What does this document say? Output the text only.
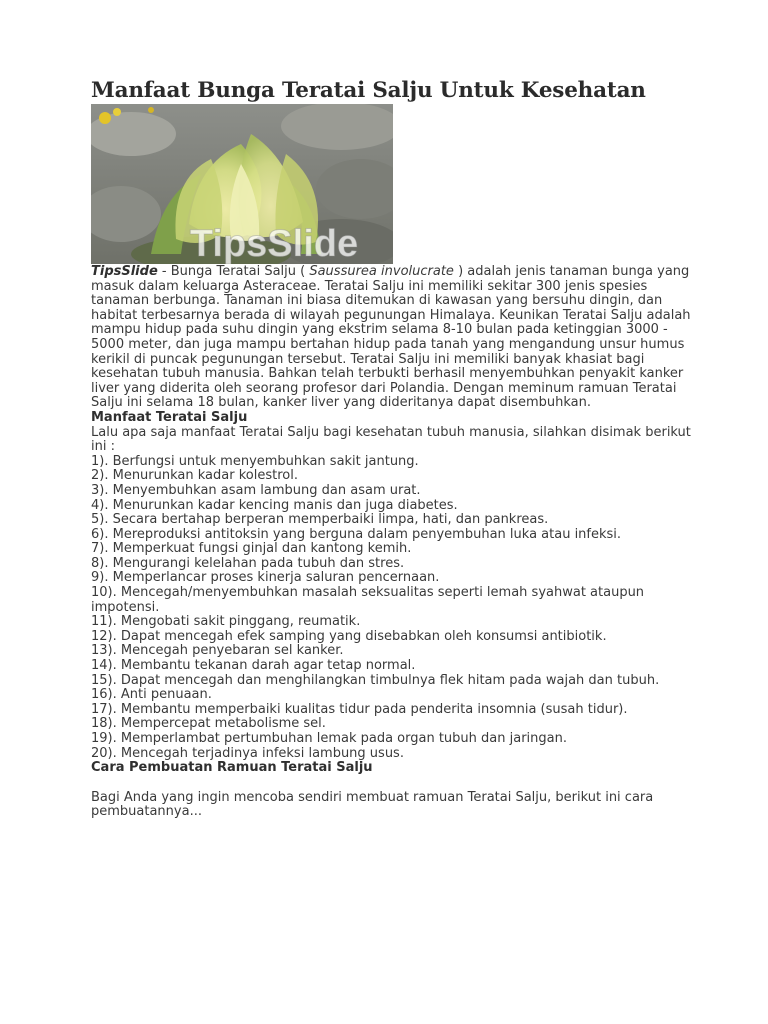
Manfaat Bunga Teratai Salju Untuk Kesehatan
TipsSlide

TipsSlide - Bunga Teratai Salju ( Saussurea involucrate ) adalah jenis tanaman bunga yang masuk dalam keluarga Asteraceae. Teratai Salju ini memiliki sekitar 300 jenis spesies tanaman berbunga. Tanaman ini biasa ditemukan di kawasan yang bersuhu dingin, dan habitat terbesarnya berada di wilayah pegunungan Himalaya. Keunikan Teratai Salju adalah mampu hidup pada suhu dingin yang ekstrim selama 8-10 bulan pada ketinggian 3000 - 5000 meter, dan juga mampu bertahan hidup pada tanah yang mengandung unsur humus kerikil di puncak pegunungan tersebut. Teratai Salju ini memiliki banyak khasiat bagi kesehatan tubuh manusia. Bahkan telah terbukti berhasil menyembuhkan penyakit kanker liver yang diderita oleh seorang profesor dari Polandia. Dengan meminum ramuan Teratai Salju ini selama 18 bulan, kanker liver yang dideritanya dapat disembuhkan.

Manfaat Teratai Salju

Lalu apa saja manfaat Teratai Salju bagi kesehatan tubuh manusia, silahkan disimak berikut ini :

1). Berfungsi untuk menyembuhkan sakit jantung.
2). Menurunkan kadar kolestrol.
3). Menyembuhkan asam lambung dan asam urat.
4). Menurunkan kadar kencing manis dan juga diabetes.
5). Secara bertahap berperan memperbaiki limpa, hati, dan pankreas.
6). Mereproduksi antitoksin yang berguna dalam penyembuhan luka atau infeksi.
7). Memperkuat fungsi ginjal dan kantong kemih.
8). Mengurangi kelelahan pada tubuh dan stres.
9). Memperlancar proses kinerja saluran pencernaan.
10). Mencegah/menyembuhkan masalah seksualitas seperti lemah syahwat ataupun impotensi.
11). Mengobati sakit pinggang, reumatik.
12). Dapat mencegah efek samping yang disebabkan oleh konsumsi antibiotik.
13). Mencegah penyebaran sel kanker.
14). Membantu tekanan darah agar tetap normal.
15). Dapat mencegah dan menghilangkan timbulnya flek hitam pada wajah dan tubuh.
16). Anti penuaan.
17). Membantu memperbaiki kualitas tidur pada penderita insomnia (susah tidur).
18). Mempercepat metabolisme sel.
19). Memperlambat pertumbuhan lemak pada organ tubuh dan jaringan.
20). Mencegah terjadinya infeksi lambung usus.

Cara Pembuatan Ramuan Teratai Salju

Bagi Anda yang ingin mencoba sendiri membuat ramuan Teratai Salju, berikut ini cara pembuatannya...
